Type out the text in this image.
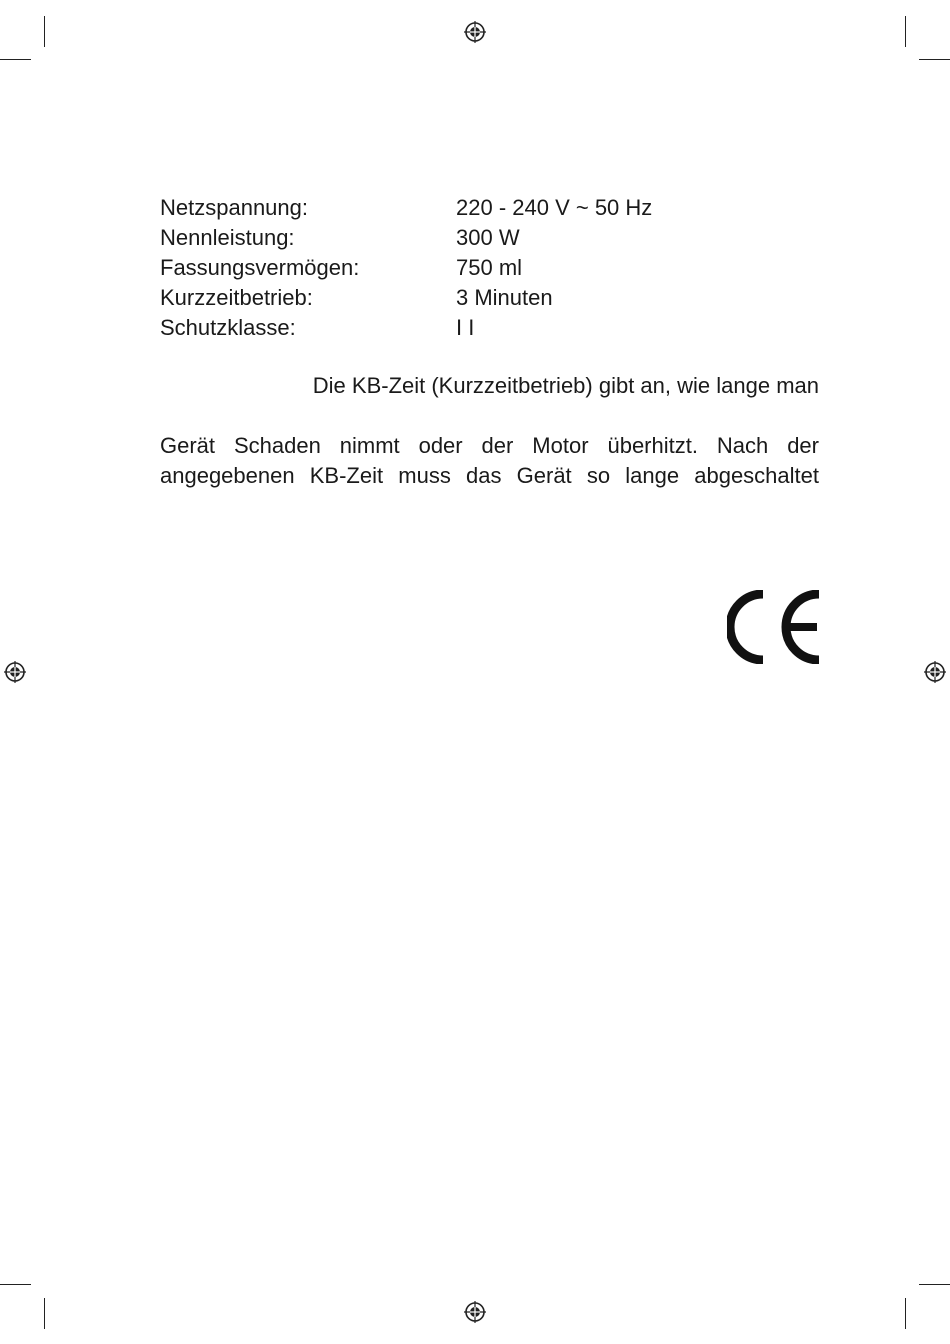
Netzspannung:	220 - 240 V ~ 50 Hz
Nennleistung:	300 W
Fassungsvermögen:	750 ml
Kurzzeitbetrieb:	3 Minuten
Schutzklasse:	I I
Die KB-Zeit (Kurzzeitbetrieb) gibt an, wie lange man
Gerät Schaden nimmt oder der Motor überhitzt. Nach der
angegebenen KB-Zeit muss das Gerät so lange abgeschaltet
